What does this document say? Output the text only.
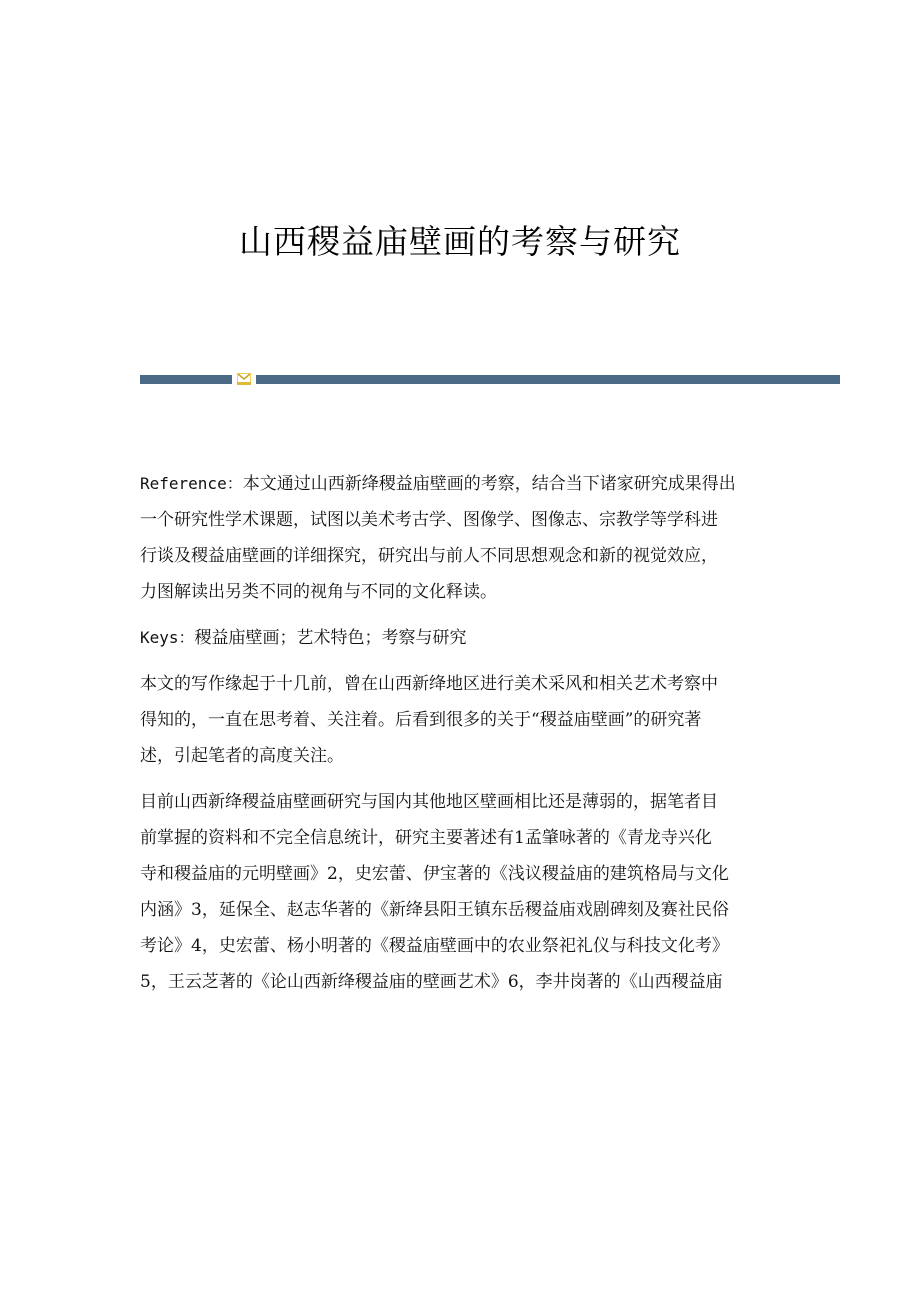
山西稷益庙壁画的考察与研究
Reference：本文通过山西新绛稷益庙壁画的考察，结合当下诸家研究成果得出
一个研究性学术课题，试图以美术考古学、图像学、图像志、宗教学等学科进
行谈及稷益庙壁画的详细探究，研究出与前人不同思想观念和新的视觉效应，
力图解读出另类不同的视角与不同的文化释读。
Keys：稷益庙壁画；艺术特色；考察与研究
本文的写作缘起于十几前，曾在山西新绛地区进行美术采风和相关艺术考察中
得知的，一直在思考着、关注着。后看到很多的关于“稷益庙壁画”的研究著
述，引起笔者的高度关注。
目前山西新绛稷益庙壁画研究与国内其他地区壁画相比还是薄弱的，据笔者目
前掌握的资料和不完全信息统计，研究主要著述有1孟肇咏著的《青龙寺兴化
寺和稷益庙的元明壁画》2，史宏蕾、伊宝著的《浅议稷益庙的建筑格局与文化
内涵》3，延保全、赵志华著的《新绛县阳王镇东岳稷益庙戏剧碑刻及赛社民俗
考论》4，史宏蕾、杨小明著的《稷益庙壁画中的农业祭祀礼仪与科技文化考》
5，王云芝著的《论山西新绛稷益庙的壁画艺术》6，李井岗著的《山西稷益庙
